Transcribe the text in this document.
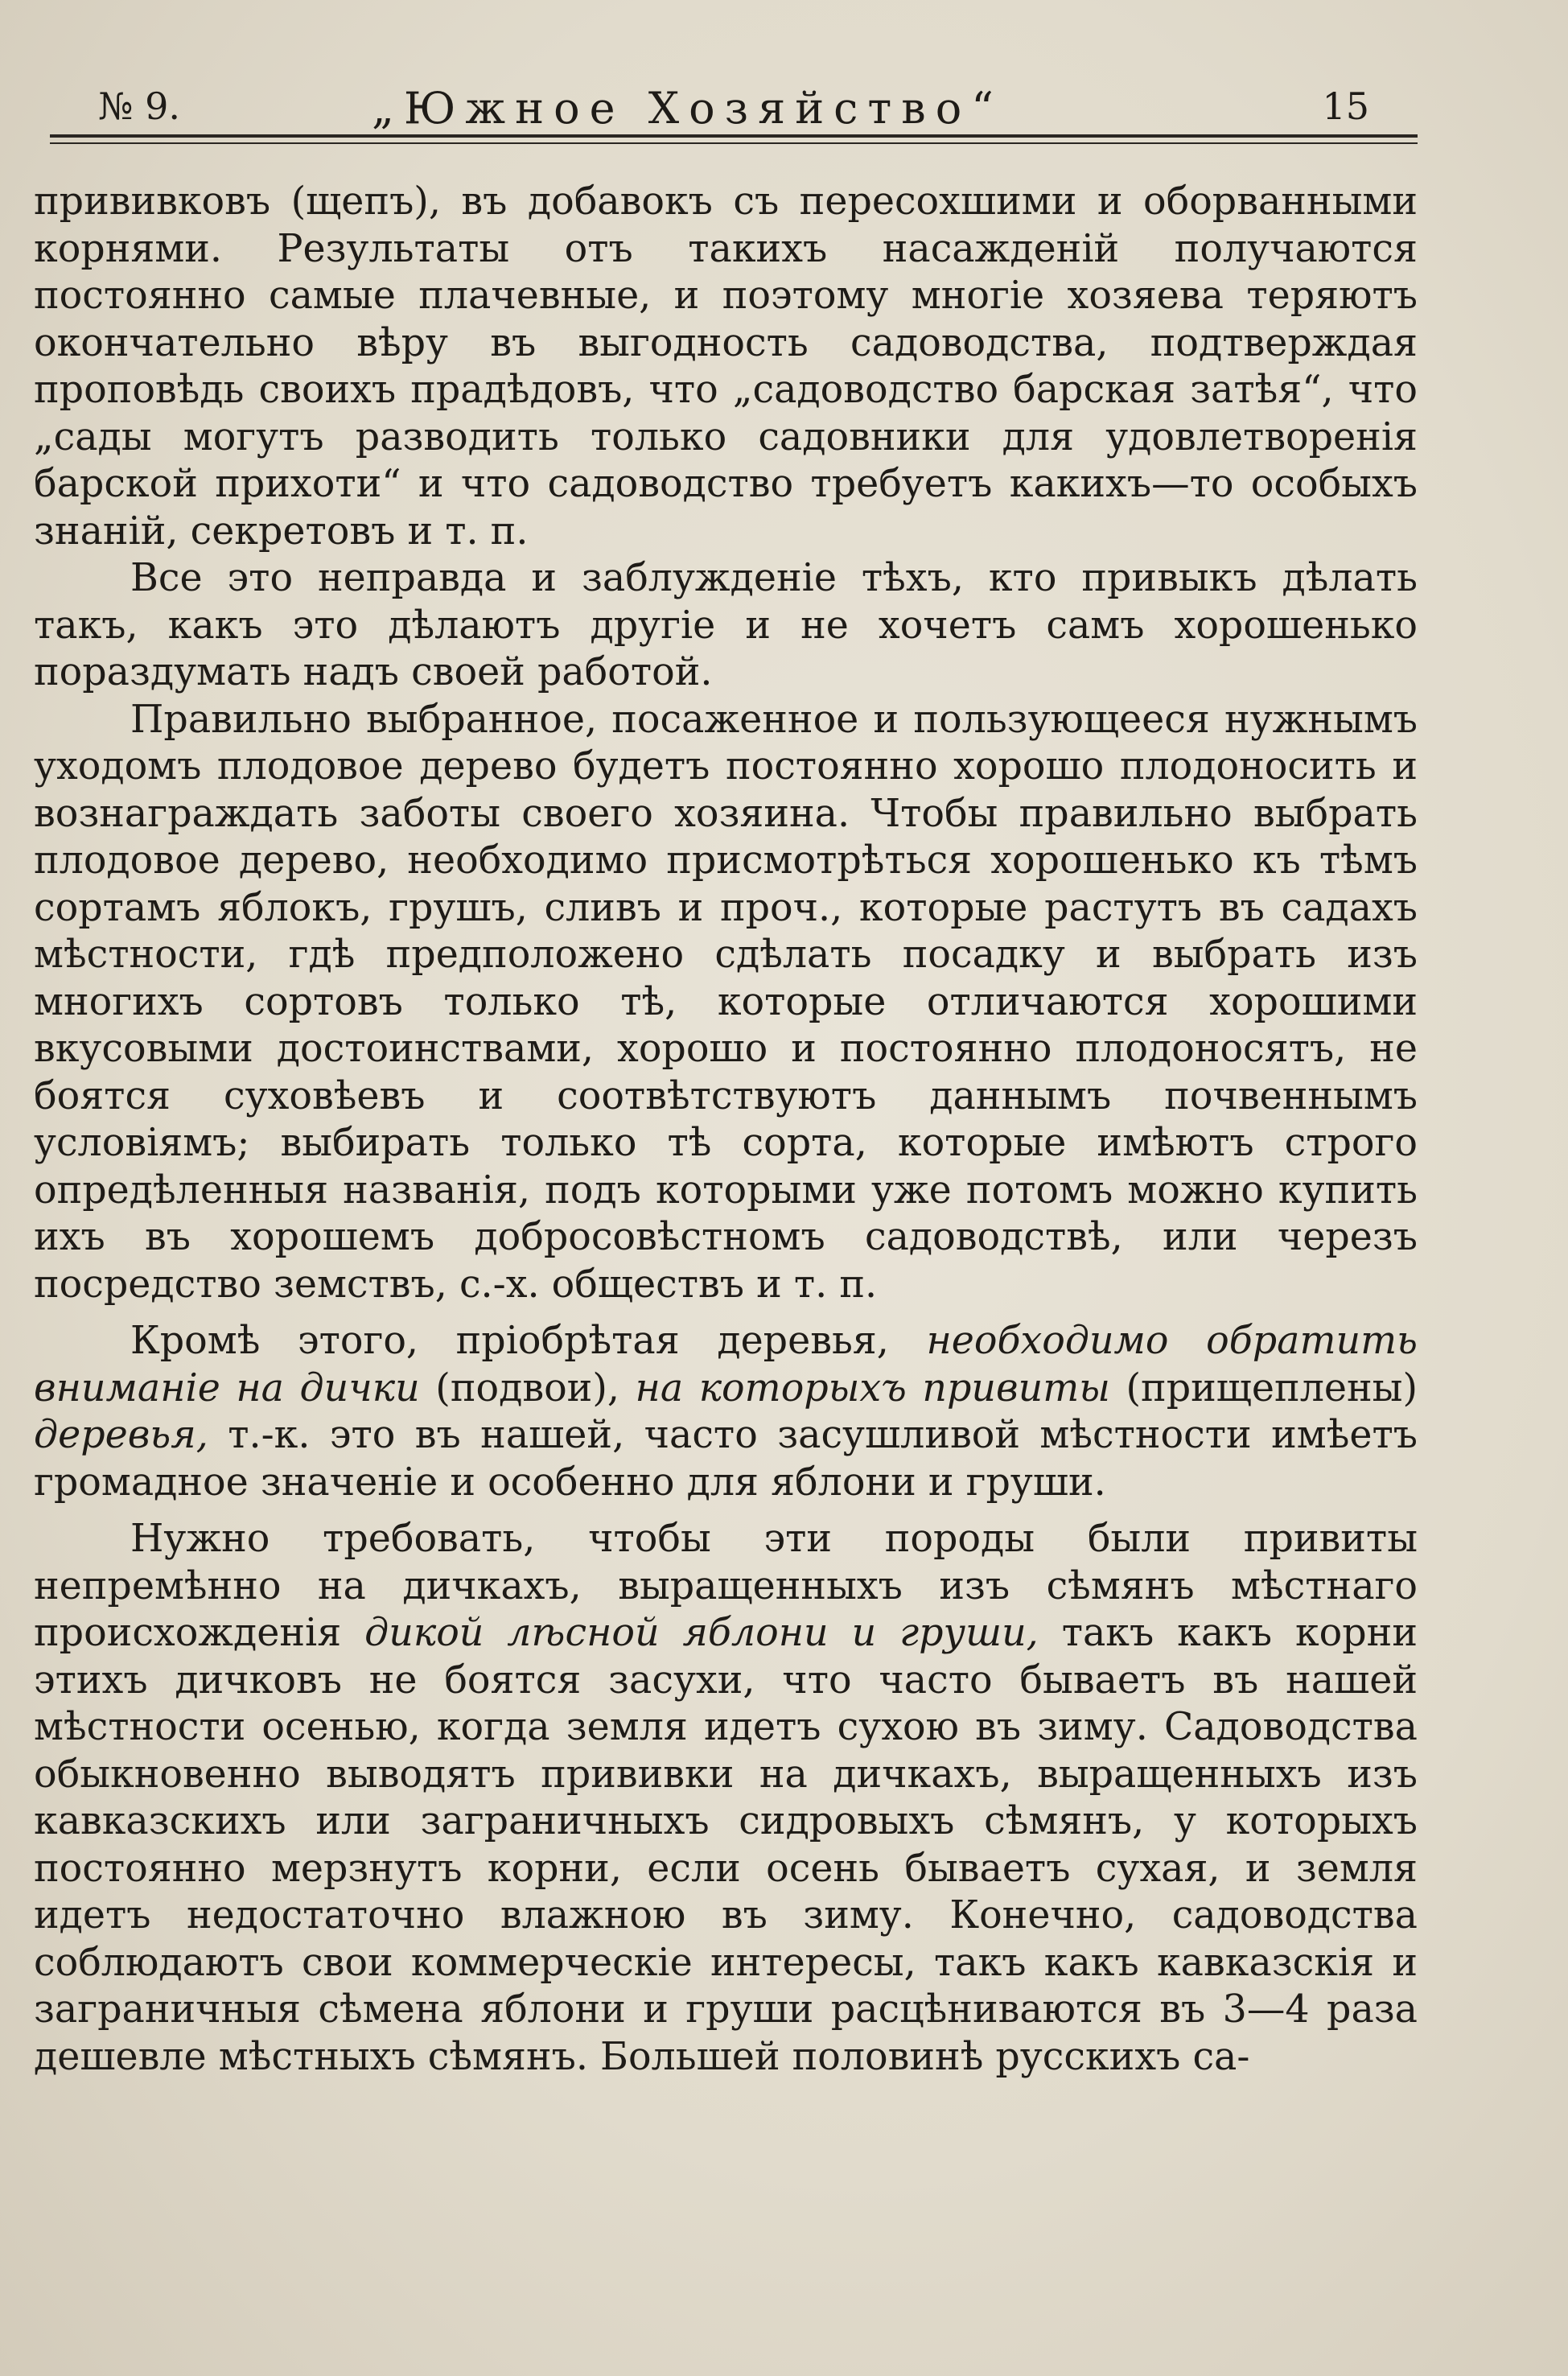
№ 9.	„Южное Хозяйство“	15

прививковъ (щепъ), въ добавокъ съ пересохшими и оборванными корнями. Результаты отъ такихъ насажденій получаются постоянно самые плачевные, и поэтому многіе хозяева теряютъ окончательно вѣру въ выгодность садоводства, подтверждая проповѣдь своихъ прадѣдовъ, что „садоводство барская затѣя“, что „сады могутъ разводить только садовники для удовлетворенія барской прихоти“ и что садоводство требуетъ какихъ—то особыхъ знаній, секретовъ и т. п.

Все это неправда и заблужденіе тѣхъ, кто привыкъ дѣлать такъ, какъ это дѣлаютъ другіе и не хочетъ самъ хорошенько пораздумать надъ своей работой.

Правильно выбранное, посаженное и пользующееся нужнымъ уходомъ плодовое дерево будетъ постоянно хорошо плодоносить и вознаграждать заботы своего хозяина. Чтобы правильно выбрать плодовое дерево, необходимо присмотрѣться хорошенько къ тѣмъ сортамъ яблокъ, грушъ, сливъ и проч., которые растутъ въ садахъ мѣстности, гдѣ предположено сдѣлать посадку и выбрать изъ многихъ сортовъ только тѣ, которые отличаются хорошими вкусовыми достоинствами, хорошо и постоянно плодоносятъ, не боятся суховѣевъ и соотвѣтствуютъ даннымъ почвеннымъ условіямъ; выбирать только тѣ сорта, которые имѣютъ строго опредѣленныя названія, подъ которыми уже потомъ можно купить ихъ въ хорошемъ добросовѣстномъ садоводствѣ, или черезъ посредство земствъ, с.-х. обществъ и т. п.

Кромѣ этого, пріобрѣтая деревья, необходимо обратить вниманіе на дички (подвои), на которыхъ привиты (прищеплены) деревья, т.-к. это въ нашей, часто засушливой мѣстности имѣетъ громадное значеніе и особенно для яблони и груши.

Нужно требовать, чтобы эти породы были привиты непремѣнно на дичкахъ, выращенныхъ изъ сѣмянъ мѣстнаго происхожденія дикой лѣсной яблони и груши, такъ какъ корни этихъ дичковъ не боятся засухи, что часто бываетъ въ нашей мѣстности осенью, когда земля идетъ сухою въ зиму. Садоводства обыкновенно выводятъ прививки на дичкахъ, выращенныхъ изъ кавказскихъ или заграничныхъ сидровыхъ сѣмянъ, у которыхъ постоянно мерзнутъ корни, если осень бываетъ сухая, и земля идетъ недостаточно влажною въ зиму. Конечно, садоводства соблюдаютъ свои коммерческіе интересы, такъ какъ кавказскія и заграничныя сѣмена яблони и груши расцѣниваются въ 3—4 раза дешевле мѣстныхъ сѣмянъ. Большей половинѣ русскихъ са-
